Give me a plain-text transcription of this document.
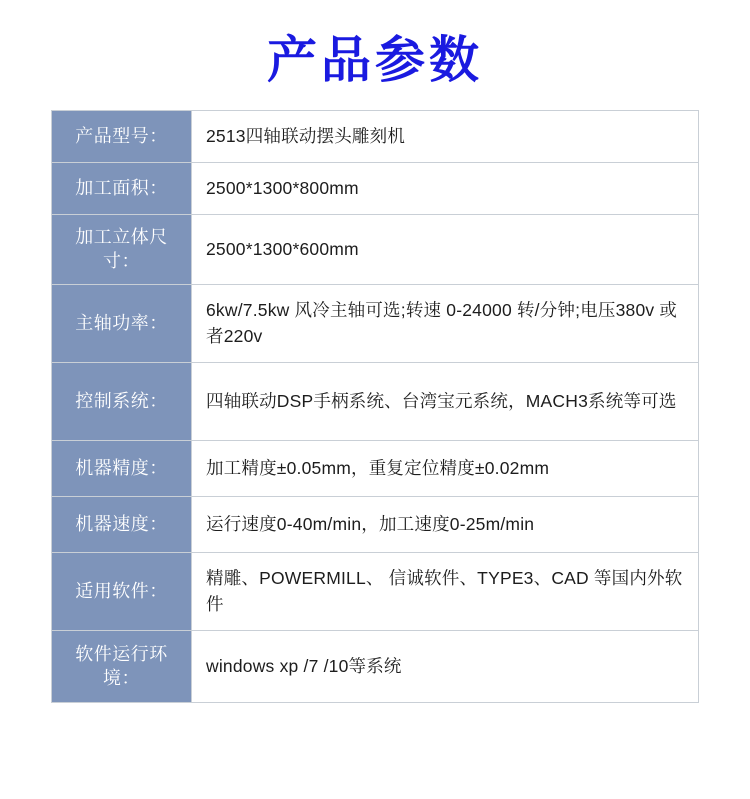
产品参数
产品型号：	2513四轴联动摆头雕刻机
加工面积：	2500*1300*800mm
加工立体尺寸：	2500*1300*600mm
主轴功率：	6kw/7.5kw 风冷主轴可选;转速 0-24000 转/分钟;电压380v 或者220v
控制系统：	四轴联动DSP手柄系统、台湾宝元系统，MACH3系统等可选
机器精度：	加工精度±0.05mm，重复定位精度±0.02mm
机器速度：	运行速度0-40m/min，加工速度0-25m/min
适用软件：	精雕、POWERMILL、 信诚软件、TYPE3、CAD 等国内外软件
软件运行环境：	windows xp /7 /10等系统
